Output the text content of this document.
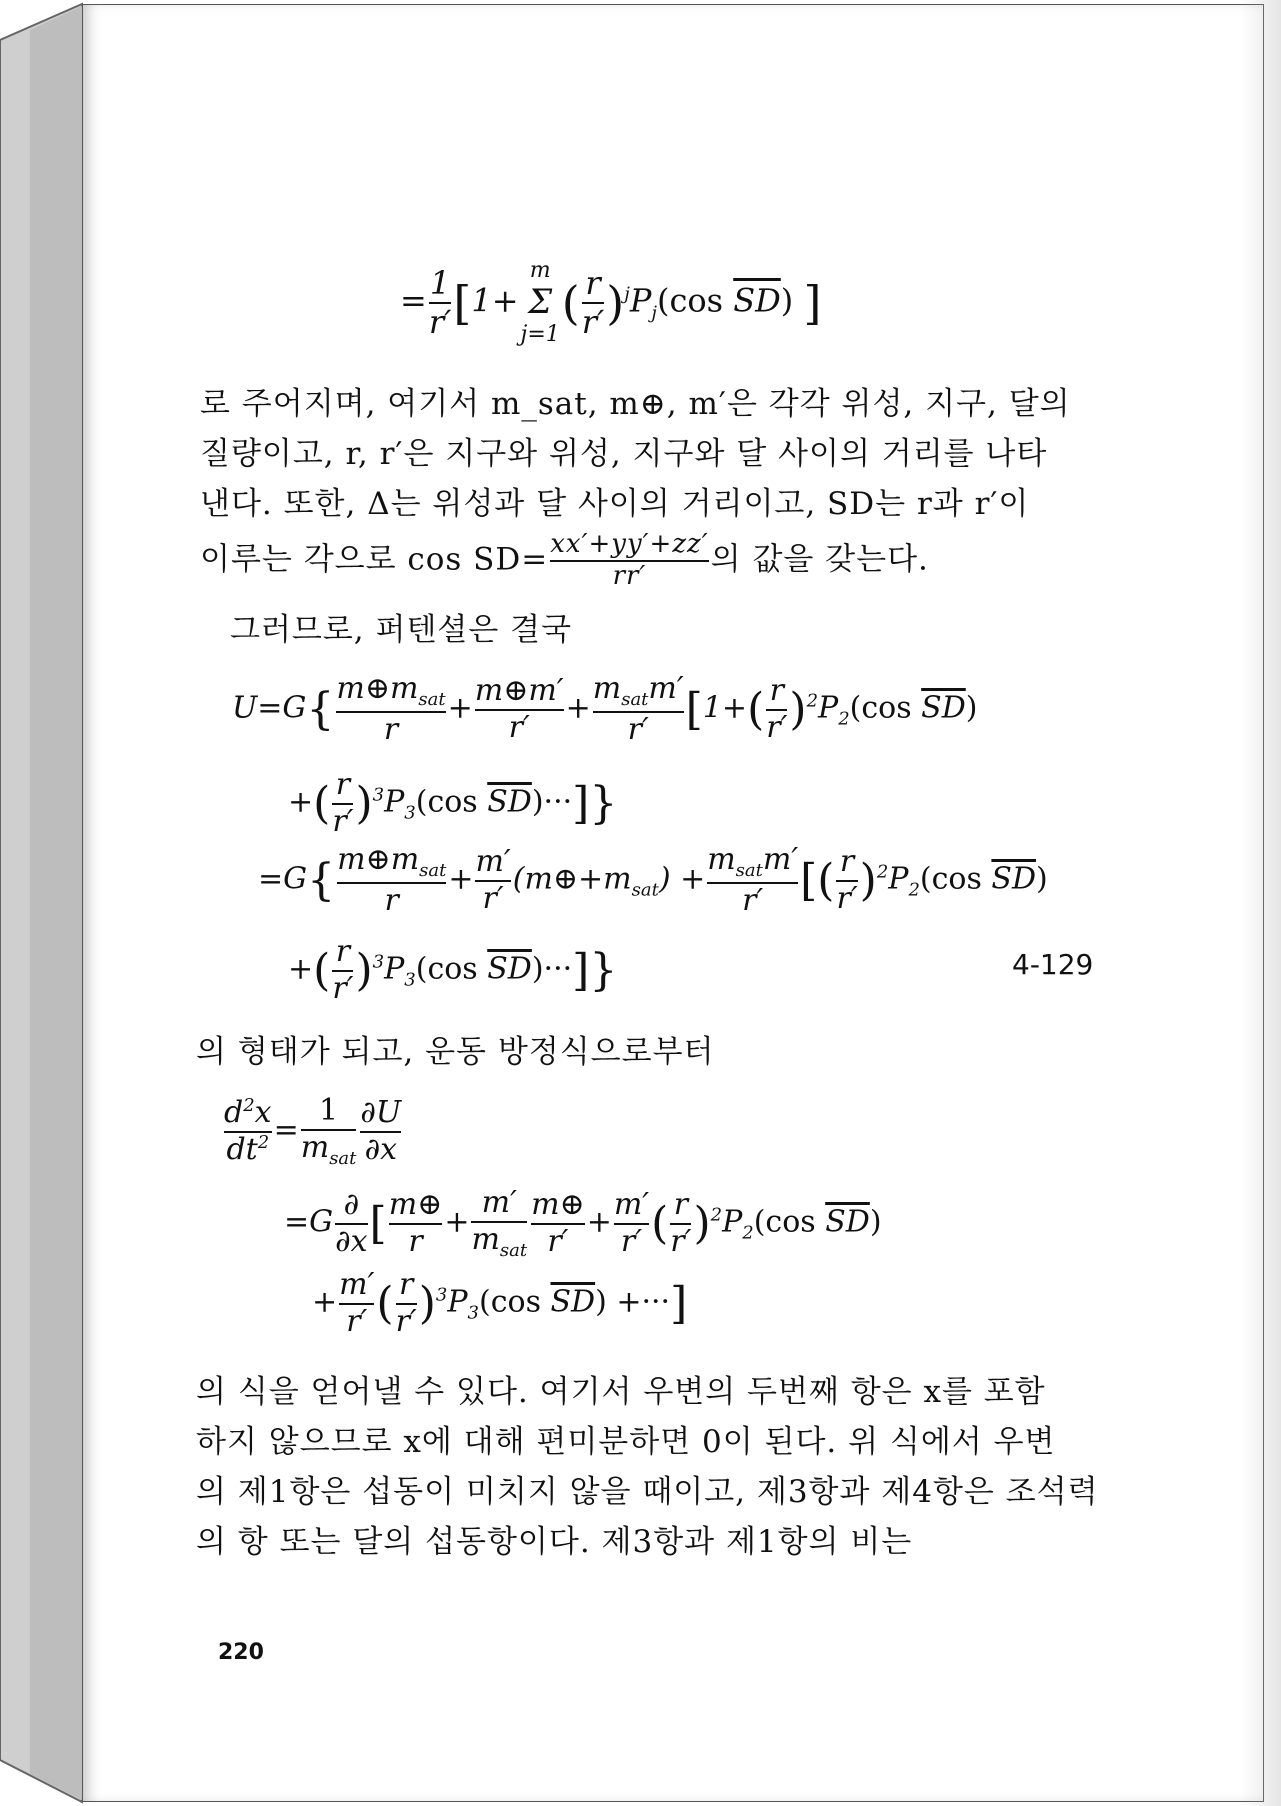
= $\frac{1}{r'} [1+$
m
Σ
j=1
( $\frac{r}{r'} )^jP_j(\cos$ $\overline{SD}$) ]
로 주어지며, 여기서 m_sat, m⊕, m′은 각각 위성, 지구, 달의
질량이고, r, r′은 지구와 위성, 지구와 달 사이의 거리를 나타
낸다. 또한, Δ는 위성과 달 사이의 거리이고, SD는 r과 r′이
이루는 각으로 $\cos SD= \frac{xx'+yy'+zz'}{rr'}$ 의 값을 갖는다.
그러므로, 퍼텐셜은 결국
$U=G\{ \frac{m\oplus m_{sat}}{r} + \frac{m\oplus m'}{r'} + \frac{m_{sat}m'}{r'} [1+( \frac{r}{r'} )^2P_2(\cos$ $\overline{SD}$)
+( $\frac{r}{r'} )^3P_3(\cos$ $\overline{SD})\cdot\cdot\cdot$]}
$=G\{ \frac{m\oplus m_{sat}}{r} + \frac{m'}{r'}$ $(m\oplus+m_{sat}) + \frac{m_{sat}m'}{r'}$ [( $\frac{r}{r'} )^2P_2(\cos$ $\overline{SD}$)
+( $\frac{r}{r'} )^3P_3(\cos$ $\overline{SD})\cdot\cdot\cdot$]}	4-129
의 형태가 되고, 운동 방정식으로부터
$\frac{d^2x}{dt^2} = \frac{1}{m_{sat}} \frac{\partial U}{\partial x}$
$=G \frac{\partial}{\partial x}$ [ $\frac{m\oplus}{r} + \frac{m'}{m_{sat}} \frac{m\oplus}{r'} + \frac{m'}{r'}$ ( $\frac{r}{r'} )^2P_2(\cos$ $\overline{SD}$)
+ $\frac{m'}{r'}$ ( $\frac{r}{r'} )^3P_3(\cos$ $\overline{SD}$) +···]
의 식을 얻어낼 수 있다. 여기서 우변의 두번째 항은 x를 포함
하지 않으므로 x에 대해 편미분하면 0이 된다. 위 식에서 우변
의 제1항은 섭동이 미치지 않을 때이고, 제3항과 제4항은 조석력
의 항 또는 달의 섭동항이다. 제3항과 제1항의 비는
220
